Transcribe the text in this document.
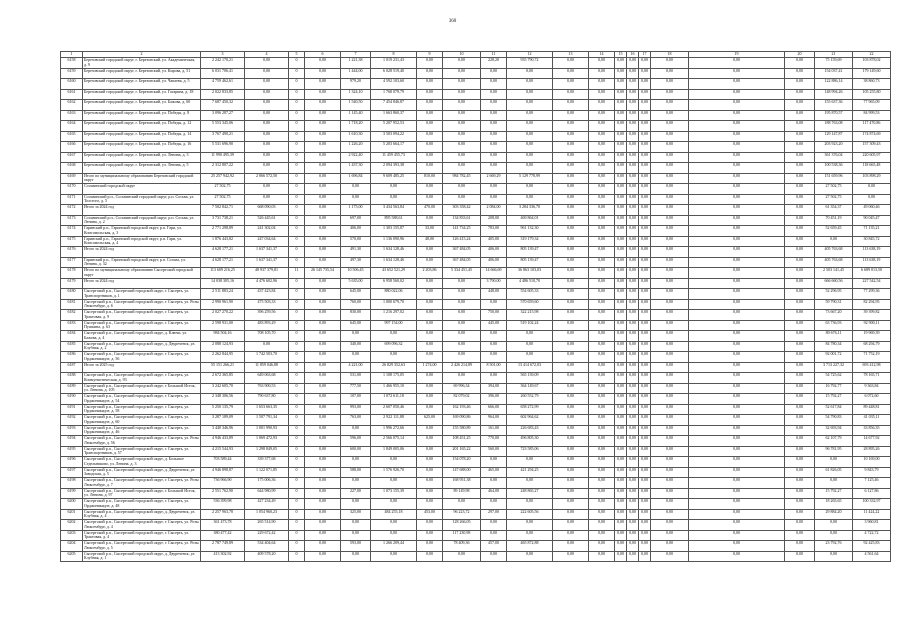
360
1	2	3	4	5	6	7	8	9	10	11	12	13	14	15	16	17	18	19	20	21	22
6158	Березовский городской округ, г. Березовский, ул. Академическая, д. 9	2 242 170,21	0,00	0	0,00	1 221,38	1 019 231,43	0,00	0,00	228,20	935 790,72	0,00	0,00	0,00	0,00	0,00	0,00	0,00	0,00	75 159,69	103 878,02
6159	Березовский городской округ, г. Березовский, ул. Кирова, д. 51	6 031 706,41	0,00	0	0,00	1 444,00	6 028 519,40	0,00	0,00	0,00	0,00	0,00	0,00	0,00	0,00	0,00	0,00	0,00	0,00	154 037,41	179 149,60
6160	Березовский городской округ, г. Березовский, ул. Чапаева, д. 5	4 759 462,61	0,00	0	0,00	979,20	4 592 103,60	0,00	0,00	0,00	0,00	0,00	0,00	0,00	0,00	0,00	0,00	0,00	0,00	122 886,14	38 860,73
6161	Березовский городской округ, г. Березовский, ул. Гагарина, д. 18	2 022 833,85	0,00	0	0,00	1 324,10	1 768 079,79	0,00	0,00	0,00	0,00	0,00	0,00	0,00	0,00	0,00	0,00	0,00	0,00	148 994,26	105 255,80
6162	Березовский городской округ, г. Березовский, ул. Бажова, д. 60	7 687 450,32	0,00	0	0,00	1 540,50	7 454 846,87	0,00	0,00	0,00	0,00	0,00	0,00	0,00	0,00	0,00	0,00	0,00	0,00	155 637,36	77 965,09
6163	Березовский городской округ, г. Березовский, ул. Победы, д. 8	3 096 287,27	0,00	0	0,00	1 145,40	1 663 860,37	0,00	0,00	0,00	0,00	0,00	0,00	0,00	0,00	0,00	0,00	0,00	0,00	195 870,57	84 999,53
6164	Березовский городской округ, г. Березовский, ул. Победы, д. 12	5 553 345,06	0,00	0	0,00	1 718,20	5 207 952,53	0,00	0,00	0,00	0,00	0,00	0,00	0,00	0,00	0,00	0,00	0,00	0,00	188 763,08	117 470,86
6165	Березовский городской округ, г. Березовский, ул. Победы, д. 14	3 767 490,21	0,00	0	0,00	1 610,30	3 503 094,22	0,00	0,00	0,00	0,00	0,00	0,00	0,00	0,00	0,00	0,00	0,00	0,00	129 147,87	174 874,69
6166	Березовский городской округ, г. Березовский, ул. Победы, д. 16	5 531 696,90	0,00	0	0,00	1 226,20	5 203 664,17	0,00	0,00	0,00	0,00	0,00	0,00	0,00	0,00	0,00	0,00	0,00	0,00	203 923,20	157 309,43
6167	Березовский городской округ, г. Березовский, ул. Ленина, д. 3	11 990 495,39	0,00	0	0,00	2 922,40	11 459 455,73	0,00	0,00	0,00	0,00	0,00	0,00	0,00	0,00	0,00	0,00	0,00	0,00	361 376,04	220 605,97
6168	Березовский городской округ, г. Березовский, ул. Ленина, д. 5	2 312 807,22	0,00	0	0,00	1 437,30	2 094 393,38	0,00	0,00	0,00	0,00	0,00	0,00	0,00	0,00	0,00	0,00	0,00	0,00	100 538,36	118 665,48
6169	Итого по муниципальному образованию Березовский городской округ	25 257 942,92	2 066 572,50	0	0,00	1 696,84	9 609 485,25	810,00	984 782,45	2 669,29	5 129 778,99	0,00	0,00	0,00	0,00	0,00	0,00	0,00	0,00	151 659,96	103 898,29
6170	Сосьвинский городской округ	27 502,75	0,00	0	0,00	0,00	0,00	0,00	0,00	0,00	0,00	0,00	0,00	0,00	0,00	0,00	0,00	0,00	0,00	27 502,75	0,00
6171	Сосьвинский р.п., Сосьвинский городской округ, р.п. Сосьва, ул. Толстого, д. 5	27 502,75	0,00	0	0,00	0,00	0,00	0,00	0,00	0,00	0,00	0,00	0,00	0,00	0,00	0,00	0,00	0,00	0,00	27 502,75	0,00
6172	Итого за 2024 год	7 502 842,71	668 090,03	0	0,00	1 175,00	3 434 563,84	470,00	303 358,42	2 084,00	3 284 336,70	0,00	0,00	0,00	0,00	0,00	0,00	0,00	0,00	61 354,37	49 060,46
6173	Сосьвинский р.п., Сосьвинский городской округ, р.п. Сосьва, ул. Ленина, д. 2	3 731 738,21	526 445,61	0	0,00	697,00	895 588,61	0,00	134 833,61	208,00	469 864,01	0,00	0,00	0,00	0,00	0,00	0,00	0,00	0,00	70 451,19	90 045,47
6174	Гаринский р.п., Гаринский городской округ, р.п. Гари, ул. Комсомольская, д. 3	2 771 298,89	241 302,04	0	0,00	406,00	1 303 155,87	33,00	141 734,25	783,00	961 132,30	0,00	0,00	0,00	0,00	0,00	0,00	0,00	0,00	52 659,45	71 135,21
6175	Гаринский р.п., Гаринский городской округ, р.п. Гари, ул. Комсомольская, д. 4	1 876 443,82	247 034,64	0	0,00	570,00	1 136 090,96	48,00	126 415,24	405,00	319 179,34	0,00	0,00	0,00	0,00	0,00	0,00	0,00	0,00	0,00	30 845,72
6176	Итого за 2024 год	4 628 177,21	1 637 341,37	0	0,00	491,30	1 634 128,46	0,00	367 484,05	406,00	805 139,47	0,00	0,00	0,00	0,00	0,00	0,00	0,00	0,00	405 763,68	113 638,19
6177	Гаринский р.п., Гаринский городской округ, р.п. Сосьва, ул. Ленина, д. 32	4 628 177,21	1 637 341,37	0	0,00	497,30	1 634 128,46	0,00	367 484,05	406,00	805 139,47	0,00	0,00	0,00	0,00	0,00	0,00	0,00	0,00	405 763,68	113 638,19
6178	Итого по муниципальному образованию Сысертский городской округ	113 609 216,25	48 937 379,81	11	26 145 735,54	10 506,45	43 652 521,29	2 203,86	5 334 451,45	14 666,69	36 863 103,03	0,00	0,00	0,00	0,00	0,00	0,00	0,00	0,00	2 503 141,45	6 689 013,50
6179	Итого за 2024 год	14 038 305,16	4 476 602,96	0	0,00	5 635,00	6 958 560,02	0,00	0,00	3 790,00	4 486 510,70	0,00	0,00	0,00	0,00	0,00	0,00	0,00	0,00	666 660,56	227 542,54
6180	Сысертский р.п., Сысертский городской округ, г. Сысерть, ул. Транспортников, д. 1	2 511 883,24	437 423,84	0	0,00	645,00	880 022,06	0,00	0,00	448,00	554 605,33	0,00	0,00	0,00	0,00	0,00	0,00	0,00	0,00	52 296,95	77 299,36
6181	Сысертский р.п., Сысертский городской округ, г. Сысерть, ул. Розы Люксембург, д. 6	2 990 961,90	475 503,33	0	0,00	760,00	1 000 679,70	0,00	0,00	0,00	570 659,60	0,00	0,00	0,00	0,00	0,00	0,00	0,00	0,00	59 790,31	82 294,95
6182	Сысертский р.п., Сысертский городской округ, г. Сысерть, ул. Трактовая, д. 9	2 027 270,22	396 259,56	0	0,00	830,00	1 216 297,02	0,00	0,00	750,00	322 215,98	0,00	0,00	0,00	0,00	0,00	0,00	0,00	0,00	73 667,20	39 399,82
6183	Сысертский р.п., Сысертский городской округ, г. Сысерть, ул. Пушкина, д. 63	2 598 931,00	483 893,29	0	0,00	645,00	997 154,00	0,00	0,00	445,00	519 102,24	0,00	0,00	0,00	0,00	0,00	0,00	0,00	0,00	63 736,93	92 900,11
6184	Сысертский р.п., Сысертский городской округ, д. Ключи, ул. Бажова, д. 4	984 504,16	708 105,70	0	0,00	0,00	0,00	0,00	0,00	0,00	0,00	0,00	0,00	0,00	0,00	0,00	0,00	0,00	0,00	80 676,11	19 969,39
6185	Сысертский р.п., Сысертский городской округ, д. Двуреченск, ул. Клубная, д. 2	2 088 124,93	0,00	0	0,00	340,00	699 096,32	0,00	0,00	0,00	0,00	0,00	0,00	0,00	0,00	0,00	0,00	0,00	0,00	84 780,34	68 294,79
6186	Сысертский р.п., Сысертский городской округ, г. Сысерть, ул. Орджоникидзе, д. 56	2 262 844,95	1 742 503,70	0	0,00	0,00	0,00	0,00	0,00	0,00	0,00	0,00	0,00	0,00	0,00	0,00	0,00	0,00	0,00	92 001,72	71 752,19
6187	Итого за 2025 год	55 151 266,21	11 859 046,88	0	0,00	4 221,00	26 829 352,63	1 274,00	2 426 214,89	8 501,00	13 414 672,03	0,00	0,00	0,00	0,00	0,00	0,00	0,00	0,00	3 713 227,32	693 412,98
6188	Сысертский р.п., Сысертский городской округ, г. Сысерть, ул. Коммунистическая, д. 93	2 672 365,85	649 063,68	0	0,00	531,00	1 108 175,05	0,00	0,00	0,00	565 139,09	0,00	0,00	0,00	0,00	0,00	0,00	0,00	0,00	54 725,62	78 165,71
6189	Сысертский р.п., Сысертский городской округ, г. Большой Исток, ул. Ленина, д. 105	3 242 605,70	763 900,53	0	0,00	777,50	1 466 955,10	0,00	69 996,34	394,00	364 149,67	0,00	0,00	0,00	0,00	0,00	0,00	0,00	0,00	16 792,77	9 363,84
6190	Сысертский р.п., Сысертский городской округ, г. Сысерть, ул. Орджоникидзе, д. 54	2 348 306,56	790 637,80	0	0,00	107,00	1 072 611,18	0,00	82 079,02	396,00	260 552,79	0,00	0,00	0,00	0,00	0,00	0,00	0,00	0,00	15 792,27	6 072,60
6191	Сысертский р.п., Сысертский городской округ, г. Сысерть, ул. Орджоникидзе, д. 58	5 250 135,79	1 653 663,35	0	0,00	993,00	2 607 050,46	0,00	162 193,46	666,00	658 272,99	0,00	0,00	0,00	0,00	0,00	0,00	0,00	0,00	52 617,84	89 448,81
6192	Сысертский р.п., Сысертский городской округ, г. Сысерть, ул. Орджоникидзе, д. 60	3 287 189,09	1 507 791,34	0	0,00	763,00	2 922 111,88	625,00	169 090,86	964,00	602 964,62	0,00	0,00	0,00	0,00	0,00	0,00	0,00	0,00	54 790,83	41 035,11
6193	Сысертский р.п., Сысертский городской округ, г. Сысерть, ул. Орджоникидзе, д. 46	3 440 346,96	1 001 990,93	0	0,00	0,00	1 996 272,66	0,00	155 580,89	161,00	226 683,43	0,00	0,00	0,00	0,00	0,00	0,00	0,00	0,00	32 693,94	33 856,35
6194	Сысертский р.п., Сысертский городской округ, г. Сысерть, ул. Розы Люксембург, д. 56	4 946 433,89	1 069 472,93	0	0,00	596,00	2 566 075,14	0,00	108 451,25	770,00	496 805,30	0,00	0,00	0,00	0,00	0,00	0,00	0,00	0,00	62 107,79	14 677,92
6195	Сысертский р.п., Сысертский городской округ, г. Сысерть, ул. Транспортников, д. 57	4 215 544,93	1 298 849,05	0	0,00	600,00	1 849 005,06	0,00	201 165,22	560,00	723 585,06	0,00	0,00	0,00	0,00	0,00	0,00	0,00	0,00	96 781,95	28 895,26
6196	Сысертский р.п., Сысертский городской округ, д. Большое Седельниково, ул. Ленина, д. 3	703 589,44	339 377,68	0	0,00	0,00	0,00	0,00	154 078,20	0,00	0,00	0,00	0,00	0,00	0,00	0,00	0,00	0,00	0,00	0,00	10 169,00
6197	Сысертский р.п., Сысертский городской округ, д. Двуреченск, ул. Заводская, д. 5	4 946 898,87	1 122 071,85	0	0,00	588,00	1 576 926,70	0,00	147 688,00	465,00	421 294,25	0,00	0,00	0,00	0,00	0,00	0,00	0,00	0,00	61 826,05	9 843,79
6198	Сысертский р.п., Сысертский городской округ, г. Сысерть, ул. Розы Люксембург, д. 7	736 966,90	175 006,36	0	0,00	0,00	0,00	0,00	168 951,38	0,00	0,00	0,00	0,00	0,00	0,00	0,00	0,00	0,00	0,00	0,00	7 125,46
6199	Сысертский р.п., Сысертский городской округ, г. Большой Исток, ул. Ленина, д. 97	2 551 762,90	644 980,99	0	0,00	227,00	1 073 155,39	0,00	89 149,98	464,00	248 865,27	0,00	0,00	0,00	0,00	0,00	0,00	0,00	0,00	15 792,27	6 127,86
6200	Сысертский р.п., Сысертский городской округ, г. Сысерть, ул. Орджоникидзе, д. 48	536 399,98	427 234,49	0	0,00	0,00	0,00	0,00	0,00	0,00	0,00	0,00	0,00	0,00	0,00	0,00	0,00	0,00	0,00	18 265,65	100 332,97
6201	Сысертский р.п., Сысертский городской округ, д. Двуреченск, ул. Клубная, д. 4	2 257 963,78	1 054 960,23	0	0,00	325,00	484 255,18	453,00	96 223,72	297,00	222 605,56	0,00	0,00	0,00	0,00	0,00	0,00	0,00	0,00	29 884,20	11 424,22
6202	Сысертский р.п., Сысертский городской округ, г. Сысерть, ул. Розы Люксембург, д. 4	361 473,78	265 514,90	0	0,00	0,00	0,00	0,00	128 266,05	0,00	0,00	0,00	0,00	0,00	0,00	0,00	0,00	0,00	0,00	0,00	3 960,81
6203	Сысертский р.п., Сысертский городской округ, г. Сысерть, ул. Трактовая, д. 4	380 477,42	229 672,42	0	0,00	0,00	0,00	0,00	117 230,98	0,00	0,00	0,00	0,00	0,00	0,00	0,00	0,00	0,00	0,00	0,00	4 722,72
6204	Сысертский р.п., Сысертский городской округ, г. Сысерть, ул. Розы Люксембург, д. 5	2 787 749,89	534 404,64	0	0,00	593,00	1 266 209,44	0,00	78 409,36	457,00	465 872,88	0,00	0,00	0,00	0,00	0,00	0,00	0,00	0,00	23 792,76	92 425,83
6205	Сысертский р.п., Сысертский городской округ, д. Двуреченск, ул. Клубная, д. 1	413 302,92	409 578,20	0	0,00	0,00	0,00	0,00	0,00	0,00	0,00	0,00	0,00	0,00	0,00	0,00	0,00	0,00	0,00	0,00	4 561,64
